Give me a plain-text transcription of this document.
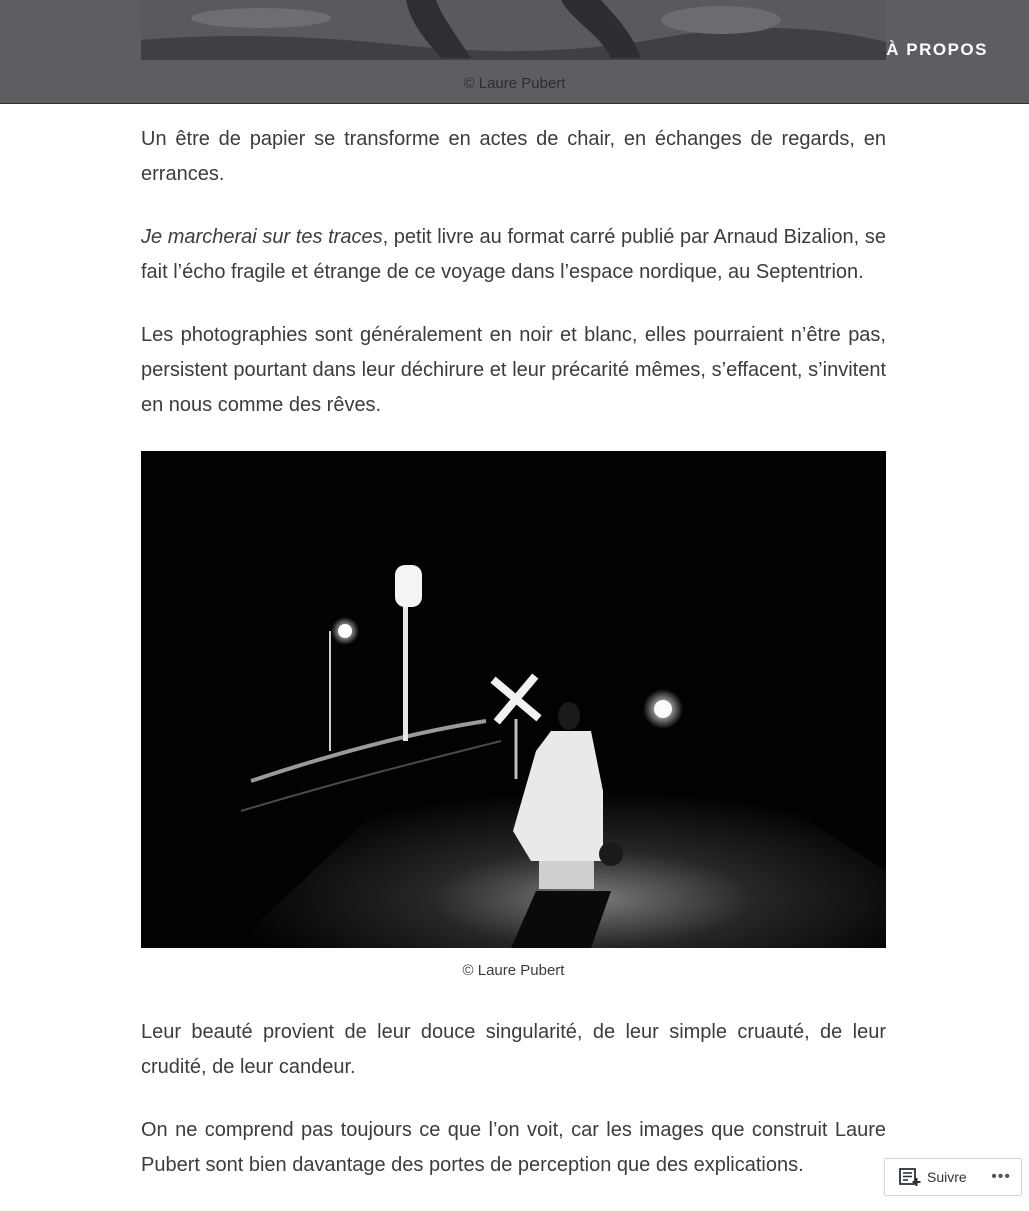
© Laure Pubert
À PROPOS

Un être de papier se transforme en actes de chair, en échanges de regards, en errances.

Je marcherai sur tes traces, petit livre au format carré publié par Arnaud Bizalion, se fait l’écho fragile et étrange de ce voyage dans l’espace nordique, au Septentrion.

Les photographies sont généralement en noir et blanc, elles pourraient n’être pas, persistent pourtant dans leur déchirure et leur précarité mêmes, s’effacent, s’invitent en nous comme des rêves.

© Laure Pubert

Leur beauté provient de leur douce singularité, de leur simple cruauté, de leur crudité, de leur candeur.

On ne comprend pas toujours ce que l’on voit, car les images que construit Laure Pubert sont bien davantage des portes de perception que des explications.

Suivre •••
